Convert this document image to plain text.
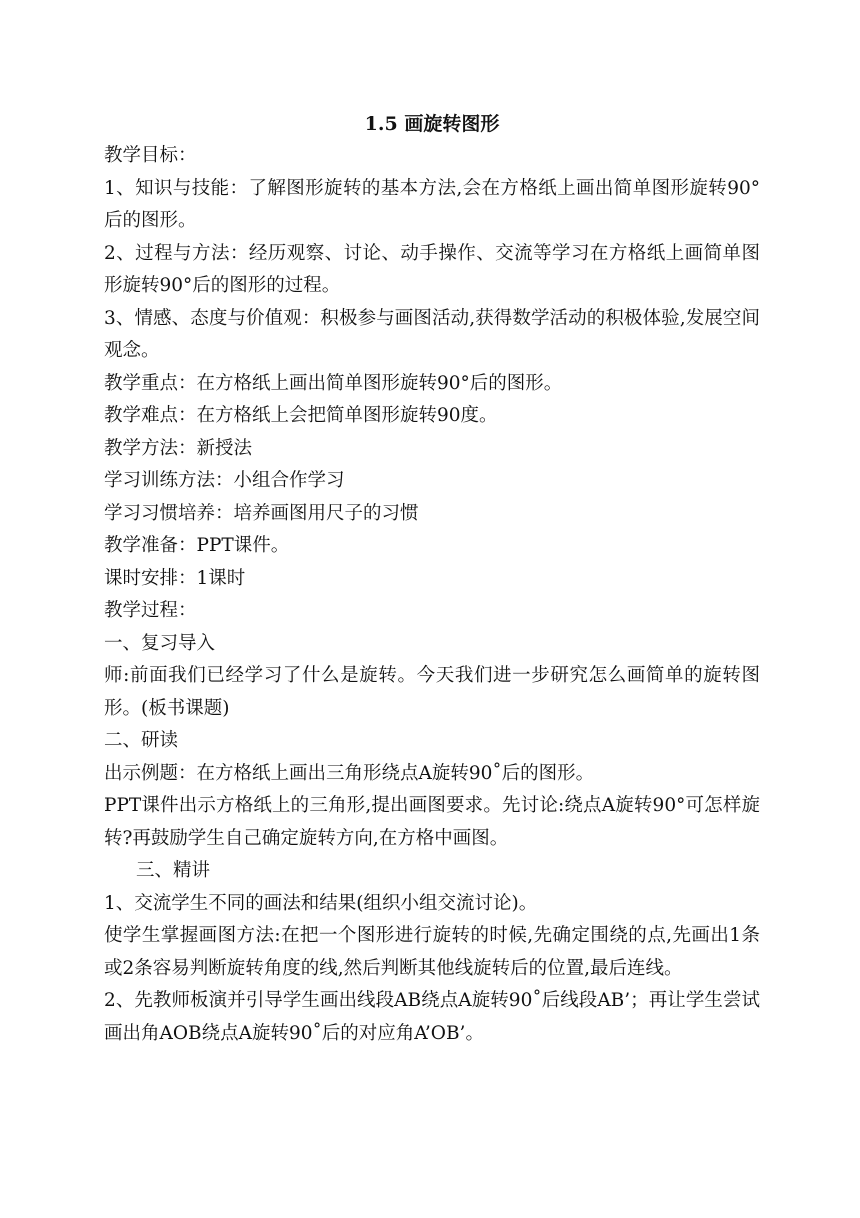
1.5 画旋转图形
教学目标：
1、知识与技能：了解图形旋转的基本方法,会在方格纸上画出简单图形旋转90°后的图形。
2、过程与方法：经历观察、讨论、动手操作、交流等学习在方格纸上画简单图形旋转90°后的图形的过程。
3、情感、态度与价值观：积极参与画图活动,获得数学活动的积极体验,发展空间观念。
教学重点：在方格纸上画出简单图形旋转90°后的图形。
教学难点：在方格纸上会把简单图形旋转90度。
教学方法：新授法
学习训练方法：小组合作学习
学习习惯培养：培养画图用尺子的习惯
教学准备：PPT课件。
课时安排：1课时
教学过程：
一、复习导入
师:前面我们已经学习了什么是旋转。今天我们进一步研究怎么画简单的旋转图形。(板书课题)
二、研读
出示例题：在方格纸上画出三角形绕点A旋转90˚后的图形。
PPT课件出示方格纸上的三角形,提出画图要求。先讨论:绕点A旋转90°可怎样旋转?再鼓励学生自己确定旋转方向,在方格中画图。
三、精讲
1、交流学生不同的画法和结果(组织小组交流讨论)。
使学生掌握画图方法:在把一个图形进行旋转的时候,先确定围绕的点,先画出1条或2条容易判断旋转角度的线,然后判断其他线旋转后的位置,最后连线。
2、先教师板演并引导学生画出线段AB绕点A旋转90˚后线段AB’；再让学生尝试画出角AOB绕点A旋转90˚后的对应角A’OB’。
